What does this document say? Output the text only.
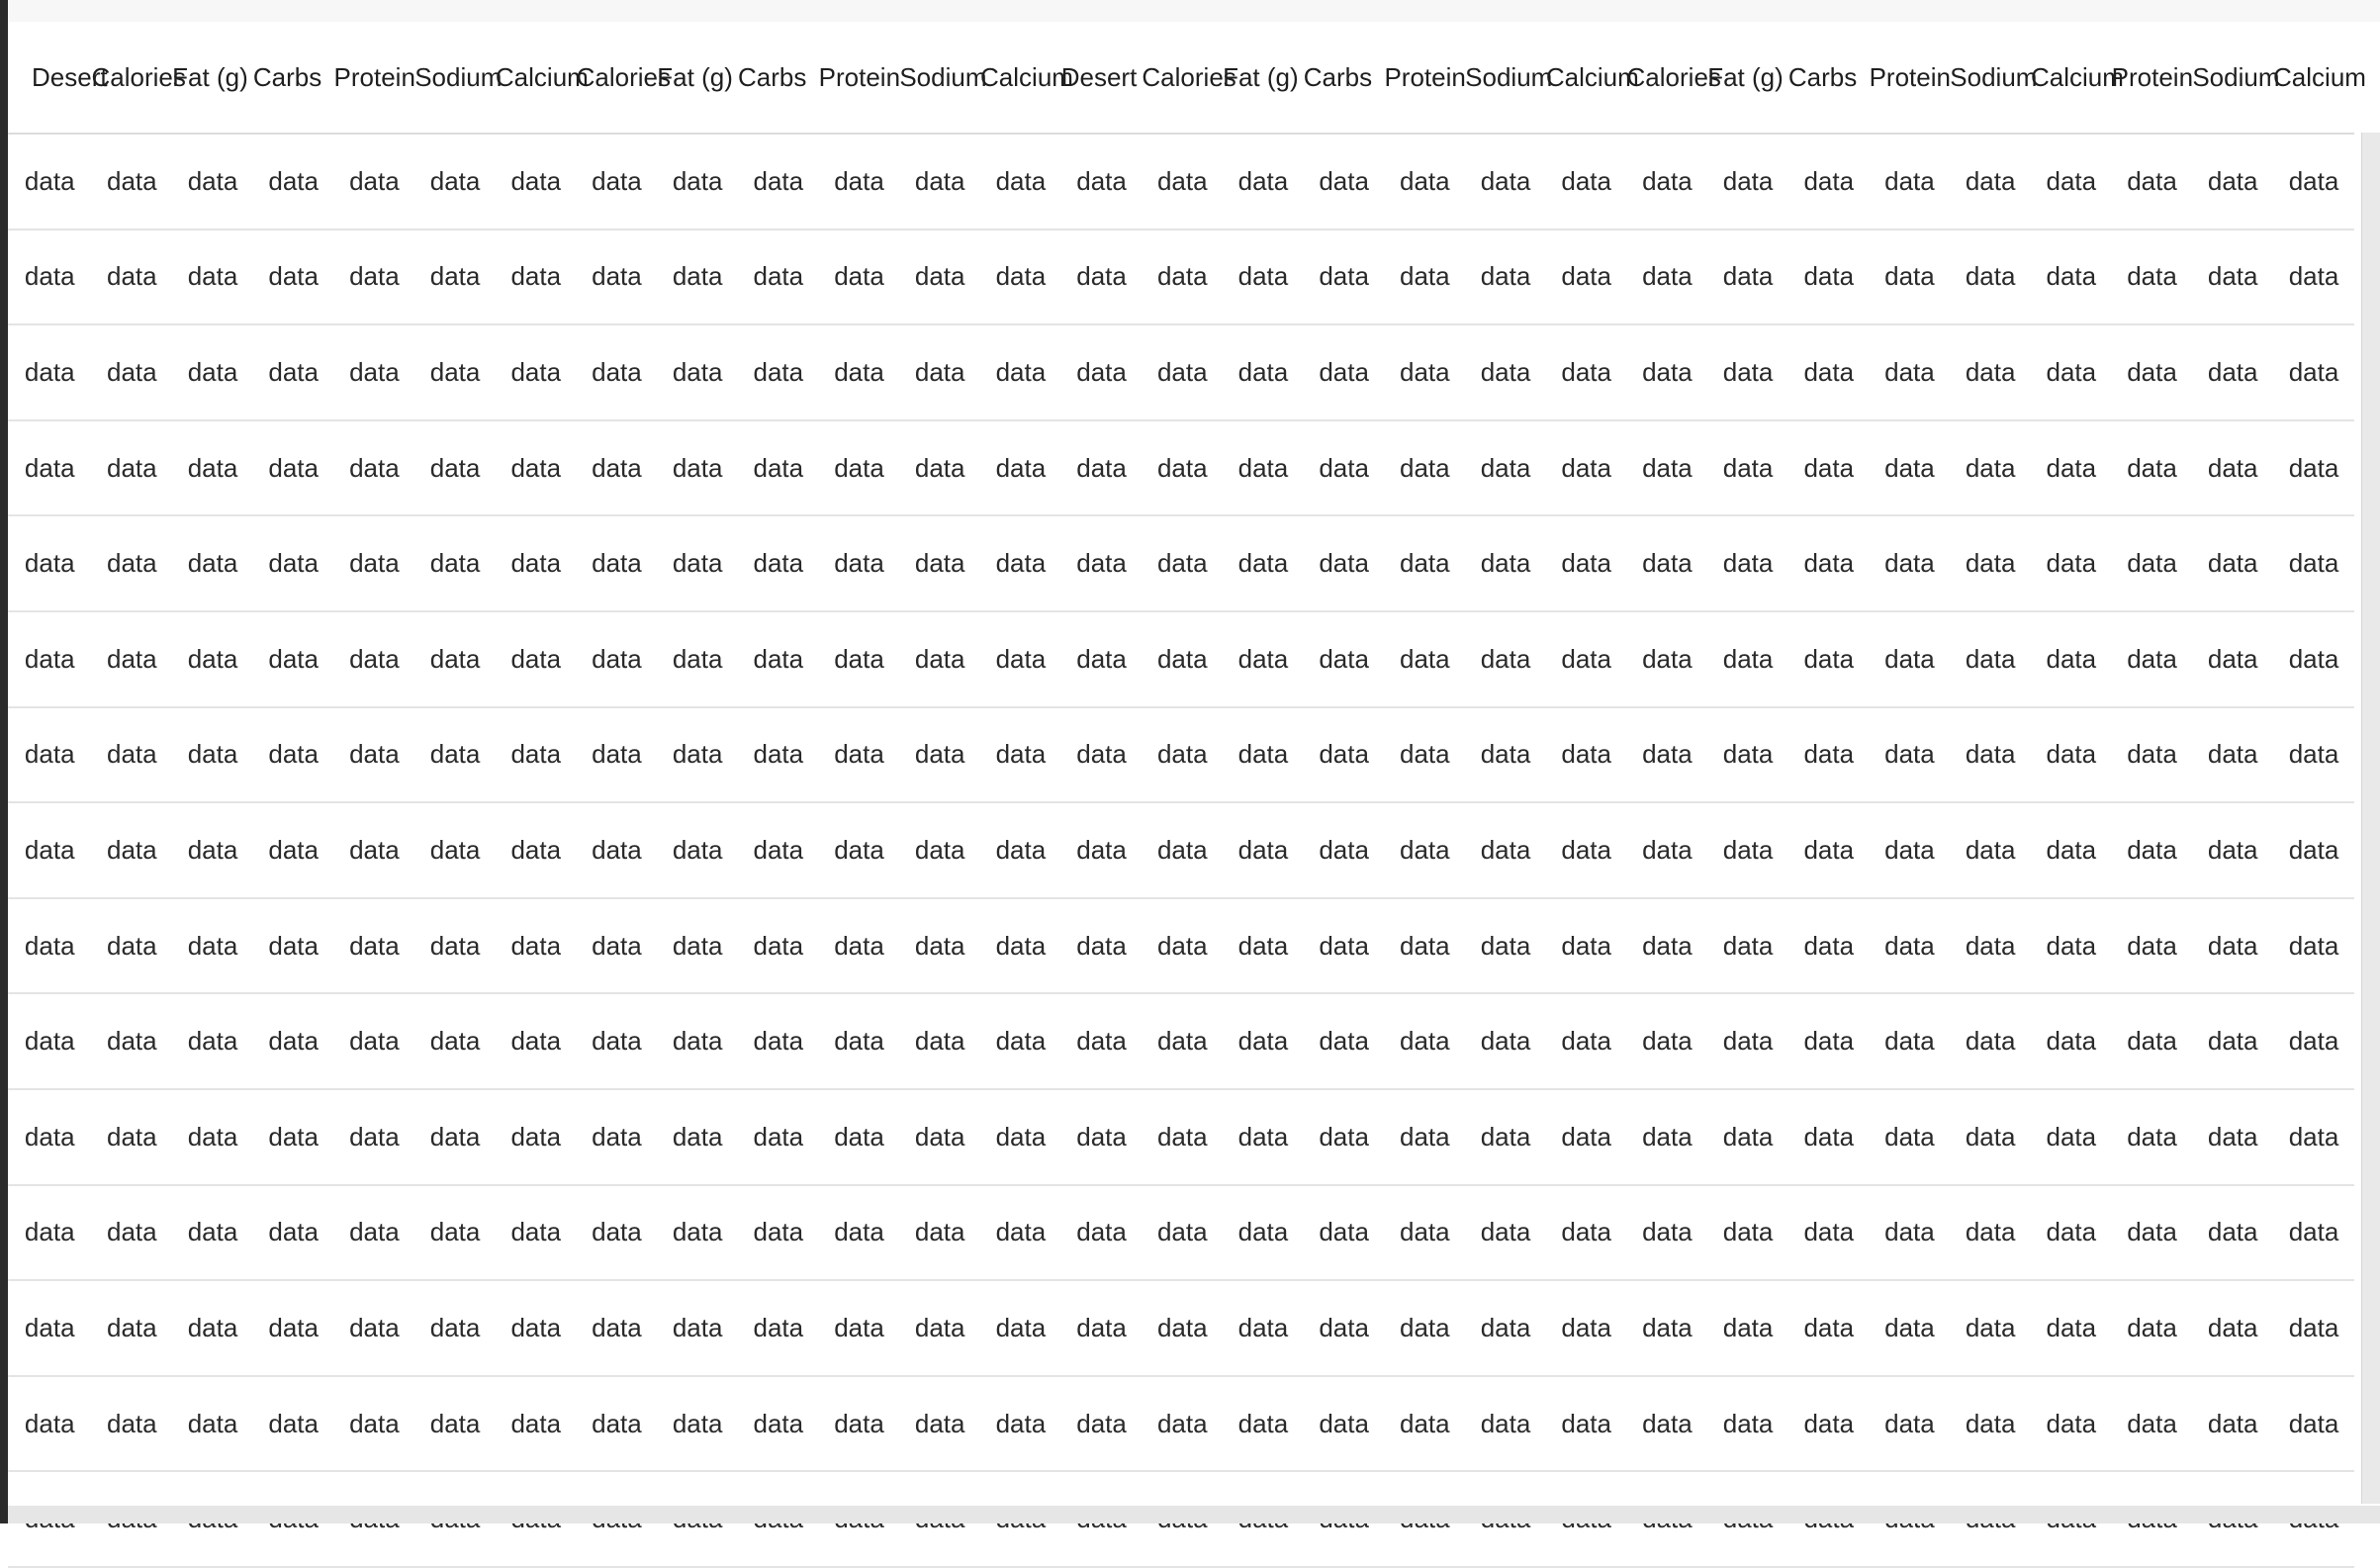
Desert	Calories	Fat (g)	Carbs	Protein	Sodium	Calcium	Calories	Fat (g)	Carbs	Protein	Sodium	Calcium	Desert	Calories	Fat (g)	Carbs	Protein	Sodium	Calcium	Calories	Fat (g)	Carbs	Protein	Sodium	Calcium	Protein	Sodium	Calcium
data	data	data	data	data	data	data	data	data	data	data	data	data	data	data	data	data	data	data	data	data	data	data	data	data	data	data	data	data
data	data	data	data	data	data	data	data	data	data	data	data	data	data	data	data	data	data	data	data	data	data	data	data	data	data	data	data	data
data	data	data	data	data	data	data	data	data	data	data	data	data	data	data	data	data	data	data	data	data	data	data	data	data	data	data	data	data
data	data	data	data	data	data	data	data	data	data	data	data	data	data	data	data	data	data	data	data	data	data	data	data	data	data	data	data	data
data	data	data	data	data	data	data	data	data	data	data	data	data	data	data	data	data	data	data	data	data	data	data	data	data	data	data	data	data
data	data	data	data	data	data	data	data	data	data	data	data	data	data	data	data	data	data	data	data	data	data	data	data	data	data	data	data	data
data	data	data	data	data	data	data	data	data	data	data	data	data	data	data	data	data	data	data	data	data	data	data	data	data	data	data	data	data
data	data	data	data	data	data	data	data	data	data	data	data	data	data	data	data	data	data	data	data	data	data	data	data	data	data	data	data	data
data	data	data	data	data	data	data	data	data	data	data	data	data	data	data	data	data	data	data	data	data	data	data	data	data	data	data	data	data
data	data	data	data	data	data	data	data	data	data	data	data	data	data	data	data	data	data	data	data	data	data	data	data	data	data	data	data	data
data	data	data	data	data	data	data	data	data	data	data	data	data	data	data	data	data	data	data	data	data	data	data	data	data	data	data	data	data
data	data	data	data	data	data	data	data	data	data	data	data	data	data	data	data	data	data	data	data	data	data	data	data	data	data	data	data	data
data	data	data	data	data	data	data	data	data	data	data	data	data	data	data	data	data	data	data	data	data	data	data	data	data	data	data	data	data
data	data	data	data	data	data	data	data	data	data	data	data	data	data	data	data	data	data	data	data	data	data	data	data	data	data	data	data	data
